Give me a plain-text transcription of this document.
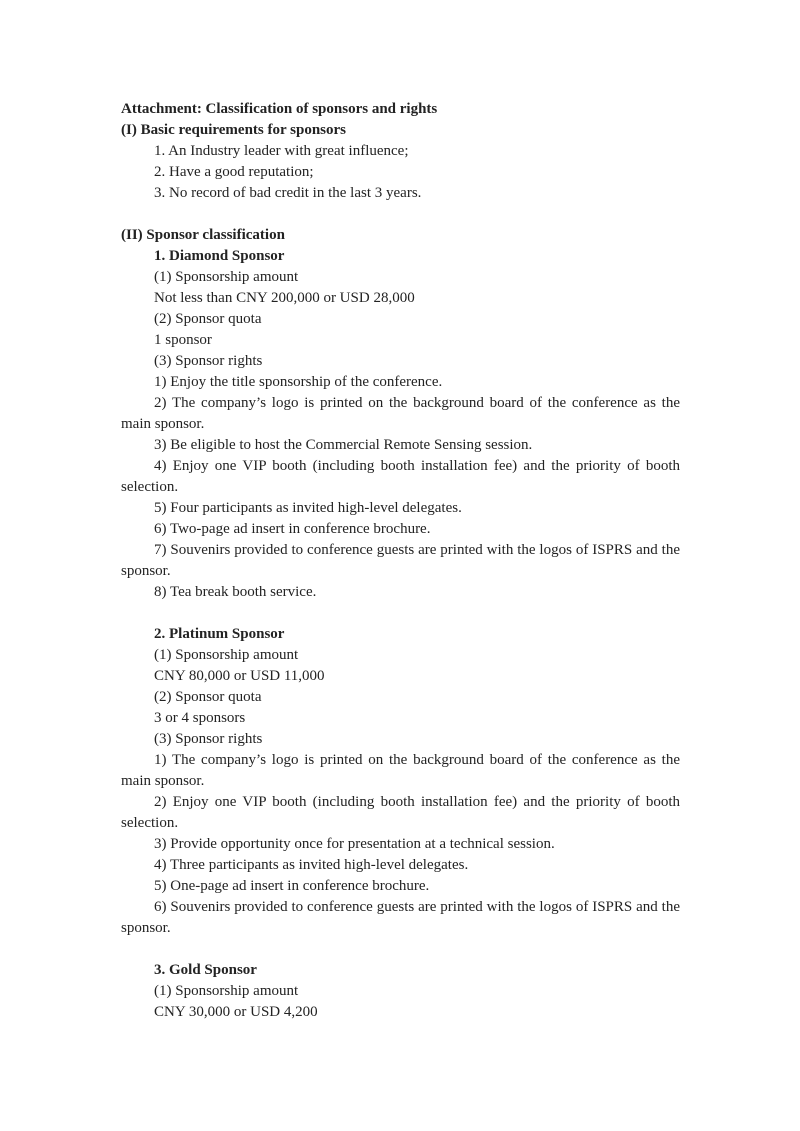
Attachment: Classification of sponsors and rights

(I) Basic requirements for sponsors

1. An Industry leader with great influence;

2. Have a good reputation;

3. No record of bad credit in the last 3 years.

(II) Sponsor classification

1. Diamond Sponsor

(1) Sponsorship amount

Not less than CNY 200,000 or USD 28,000

(2) Sponsor quota

1 sponsor

(3) Sponsor rights

1) Enjoy the title sponsorship of the conference.

2) The company’s logo is printed on the background board of the conference as the main sponsor.

3) Be eligible to host the Commercial Remote Sensing session.

4) Enjoy one VIP booth (including booth installation fee) and the priority of booth selection.

5) Four participants as invited high-level delegates.

6) Two-page ad insert in conference brochure.

7) Souvenirs provided to conference guests are printed with the logos of ISPRS and the sponsor.

8) Tea break booth service.

2. Platinum Sponsor

(1) Sponsorship amount

CNY 80,000 or USD 11,000

(2) Sponsor quota

3 or 4 sponsors

(3) Sponsor rights

1) The company’s logo is printed on the background board of the conference as the main sponsor.

2) Enjoy one VIP booth (including booth installation fee) and the priority of booth selection.

3) Provide opportunity once for presentation at a technical session.

4) Three participants as invited high-level delegates.

5) One-page ad insert in conference brochure.

6) Souvenirs provided to conference guests are printed with the logos of ISPRS and the sponsor.

3. Gold Sponsor

(1) Sponsorship amount

CNY 30,000 or USD 4,200
